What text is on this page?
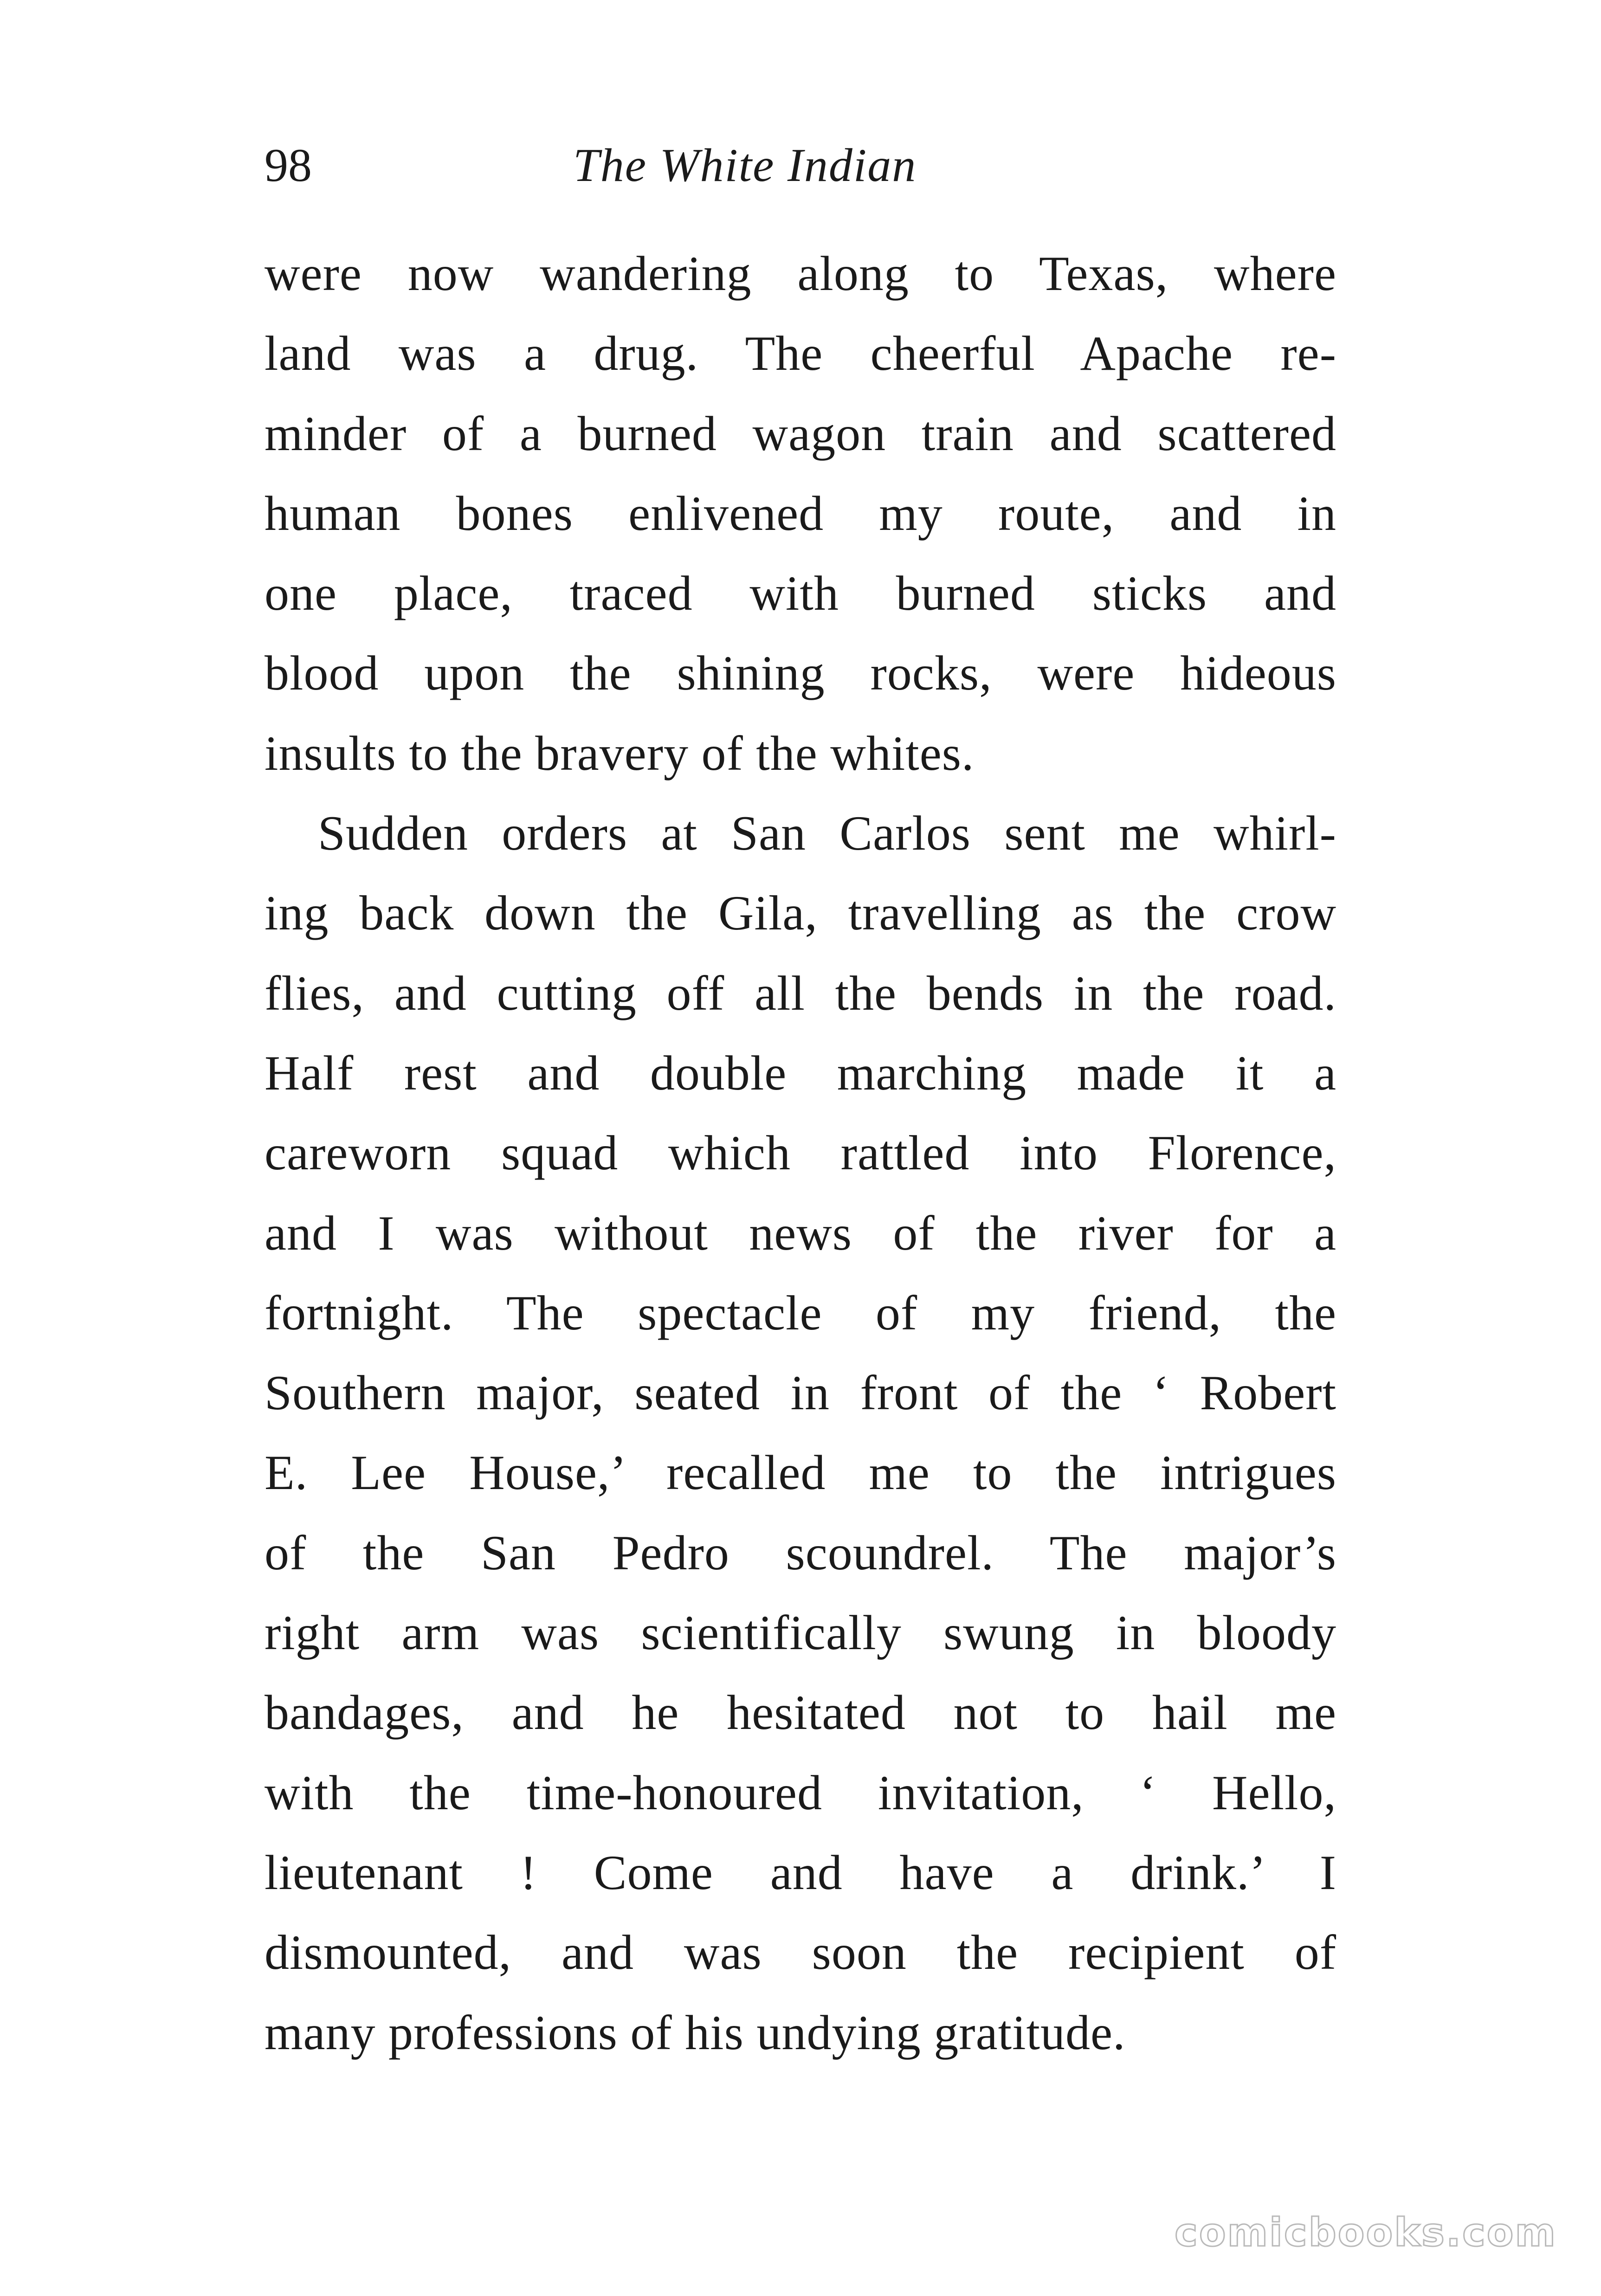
98	The White Indian
were now wandering along to Texas, where
land was a drug. The cheerful Apache re-
minder of a burned wagon train and scattered
human bones enlivened my route, and in
one place, traced with burned sticks and
blood upon the shining rocks, were hideous
insults to the bravery of the whites.
Sudden orders at San Carlos sent me whirl-
ing back down the Gila, travelling as the crow
flies, and cutting off all the bends in the road.
Half rest and double marching made it a
careworn squad which rattled into Florence,
and I was without news of the river for a
fortnight. The spectacle of my friend, the
Southern major, seated in front of the ‘ Robert
E. Lee House,’ recalled me to the intrigues
of the San Pedro scoundrel. The major’s
right arm was scientifically swung in bloody
bandages, and he hesitated not to hail me
with the time-honoured invitation, ‘ Hello,
lieutenant ! Come and have a drink.’ I
dismounted, and was soon the recipient of
many professions of his undying gratitude.
comicbooks.com
